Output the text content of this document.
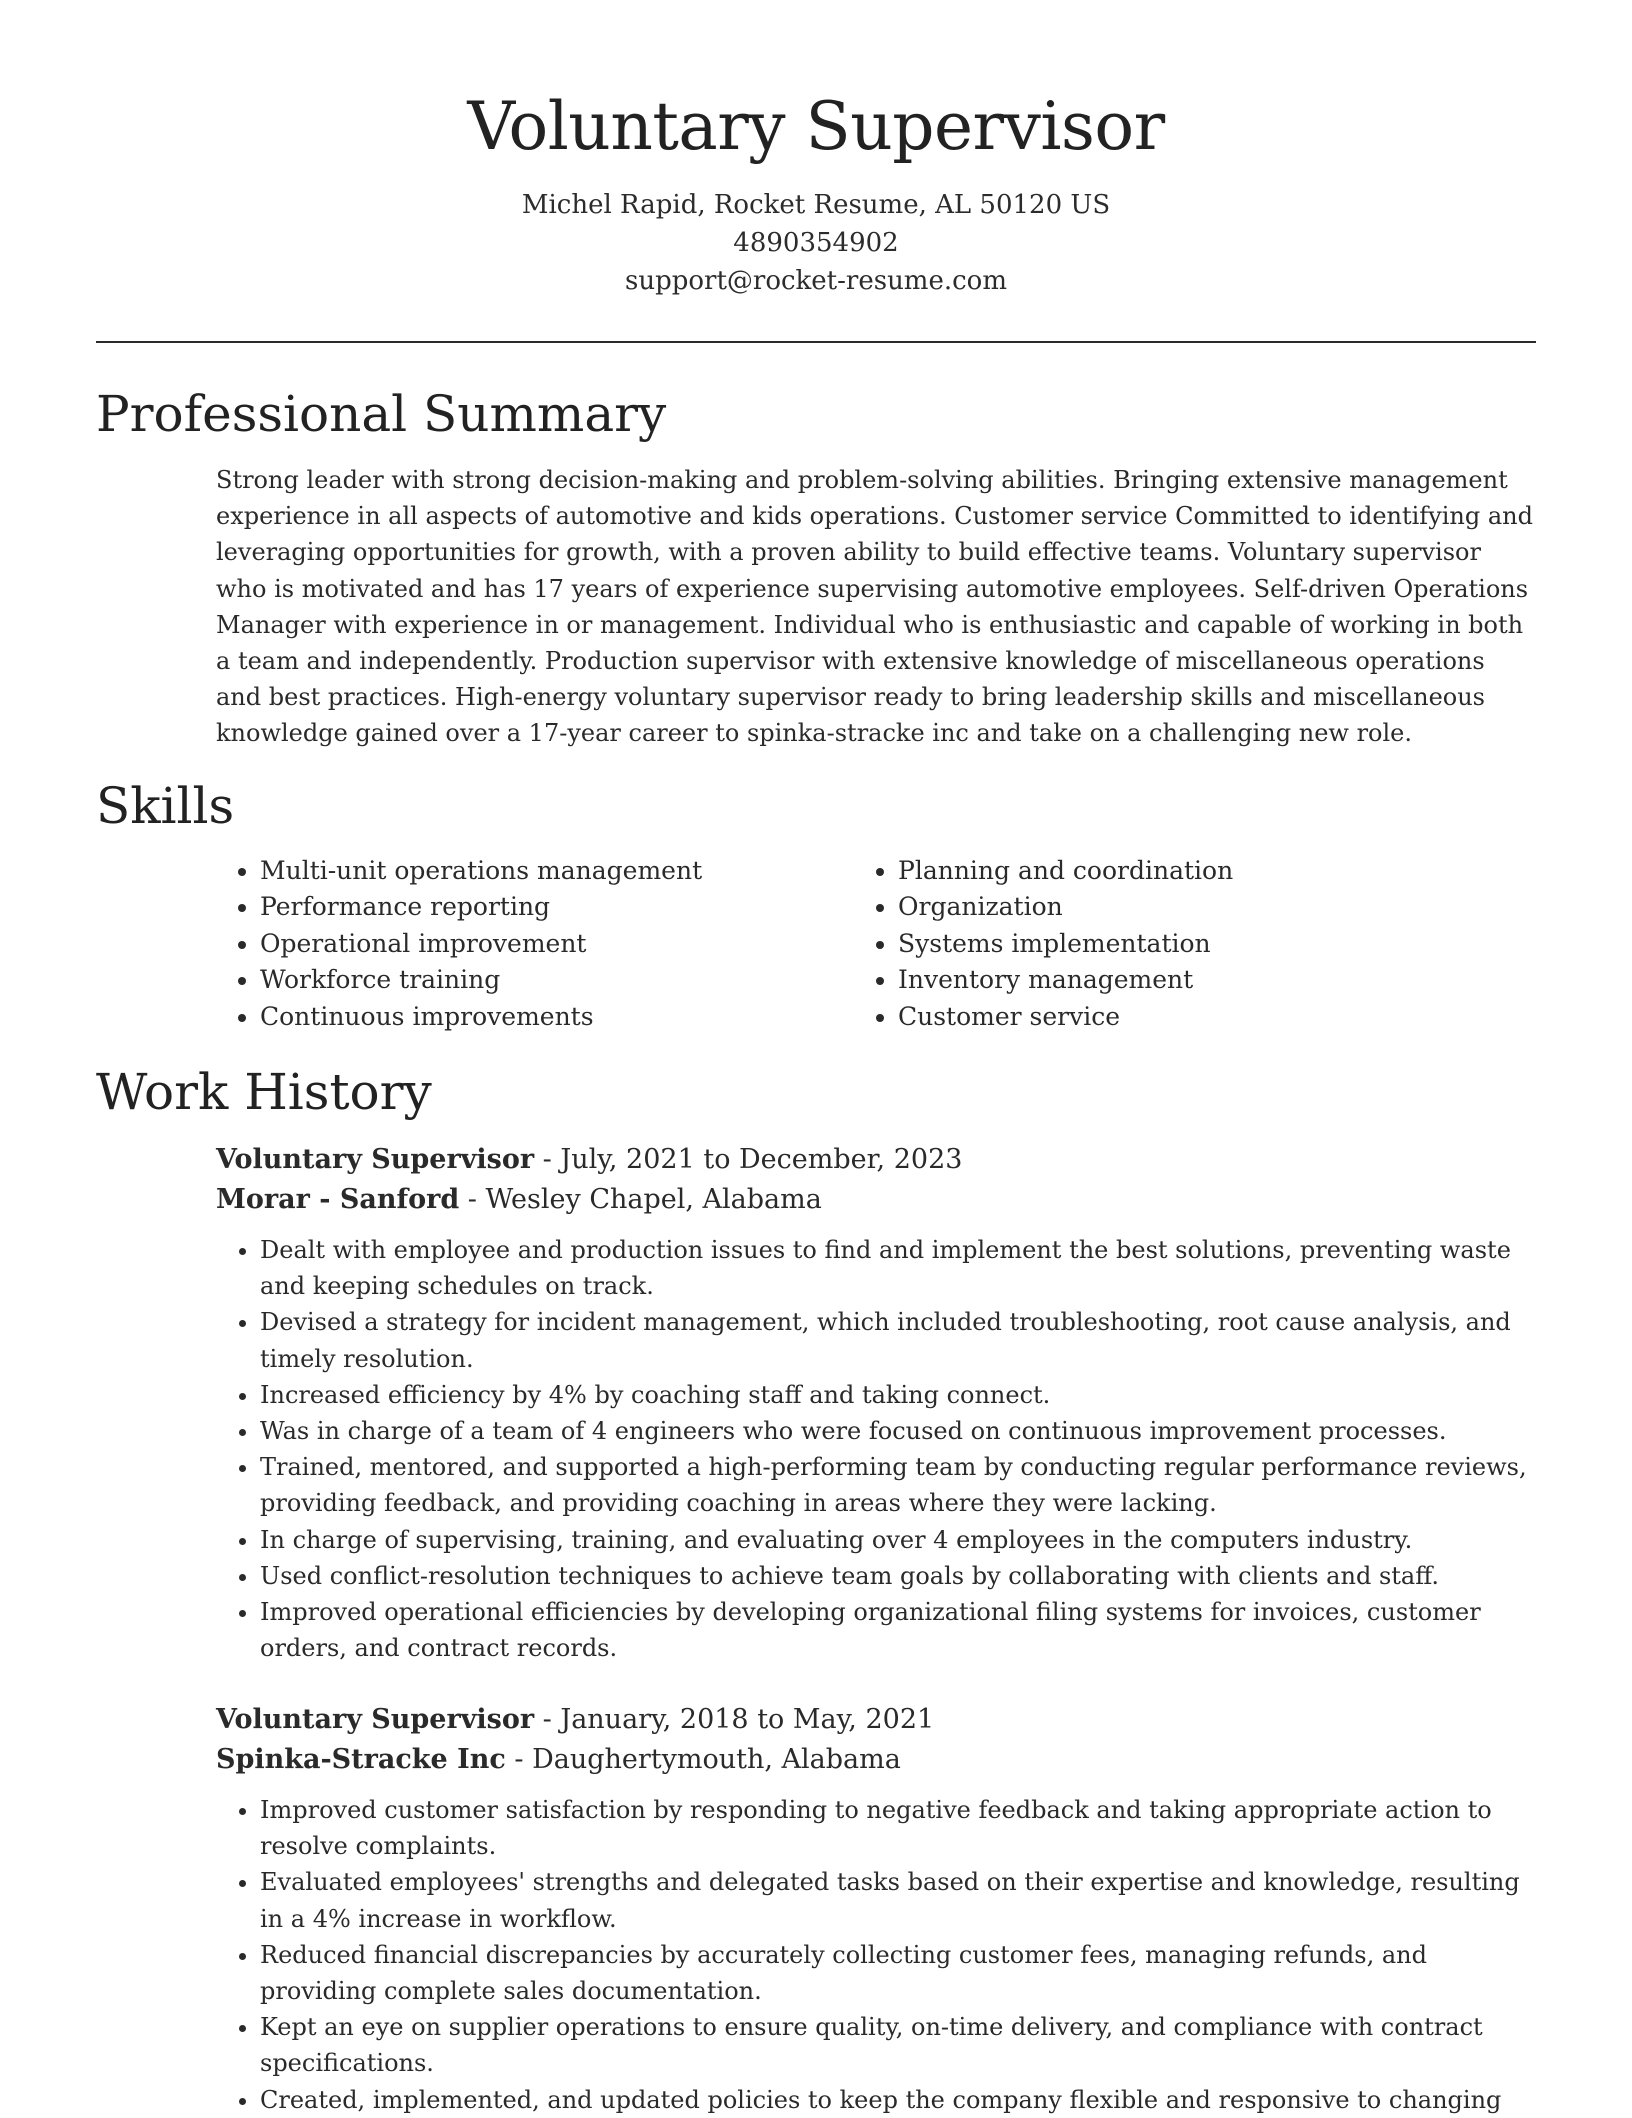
Voluntary Supervisor
Michel Rapid, Rocket Resume, AL 50120 US
4890354902
support@rocket-resume.com
Professional Summary

Strong leader with strong decision-making and problem-solving abilities. Bringing extensive management experience in all aspects of automotive and kids operations. Customer service Committed to identifying and leveraging opportunities for growth, with a proven ability to build effective teams. Voluntary supervisor who is motivated and has 17 years of experience supervising automotive employees. Self-driven Operations Manager with experience in or management. Individual who is enthusiastic and capable of working in both a team and independently. Production supervisor with extensive knowledge of miscellaneous operations and best practices. High-energy voluntary supervisor ready to bring leadership skills and miscellaneous knowledge gained over a 17-year career to spinka-stracke inc and take on a challenging new role.

Skills
• Multi-unit operations management
• Performance reporting
• Operational improvement
• Workforce training
• Continuous improvements
• Planning and coordination
• Organization
• Systems implementation
• Inventory management
• Customer service
Work History
Voluntary Supervisor - July, 2021 to December, 2023
Morar - Sanford - Wesley Chapel, Alabama
• Dealt with employee and production issues to find and implement the best solutions, preventing waste and keeping schedules on track.
• Devised a strategy for incident management, which included troubleshooting, root cause analysis, and timely resolution.
• Increased efficiency by 4% by coaching staff and taking connect.
• Was in charge of a team of 4 engineers who were focused on continuous improvement processes.
• Trained, mentored, and supported a high-performing team by conducting regular performance reviews, providing feedback, and providing coaching in areas where they were lacking.
• In charge of supervising, training, and evaluating over 4 employees in the computers industry.
• Used conflict-resolution techniques to achieve team goals by collaborating with clients and staff.
• Improved operational efficiencies by developing organizational filing systems for invoices, customer orders, and contract records.
Voluntary Supervisor - January, 2018 to May, 2021
Spinka-Stracke Inc - Daughertymouth, Alabama
• Improved customer satisfaction by responding to negative feedback and taking appropriate action to resolve complaints.
• Evaluated employees' strengths and delegated tasks based on their expertise and knowledge, resulting in a 4% increase in workflow.
• Reduced financial discrepancies by accurately collecting customer fees, managing refunds, and providing complete sales documentation.
• Kept an eye on supplier operations to ensure quality, on-time delivery, and compliance with contract specifications.
• Created, implemented, and updated policies to keep the company flexible and responsive to changing
